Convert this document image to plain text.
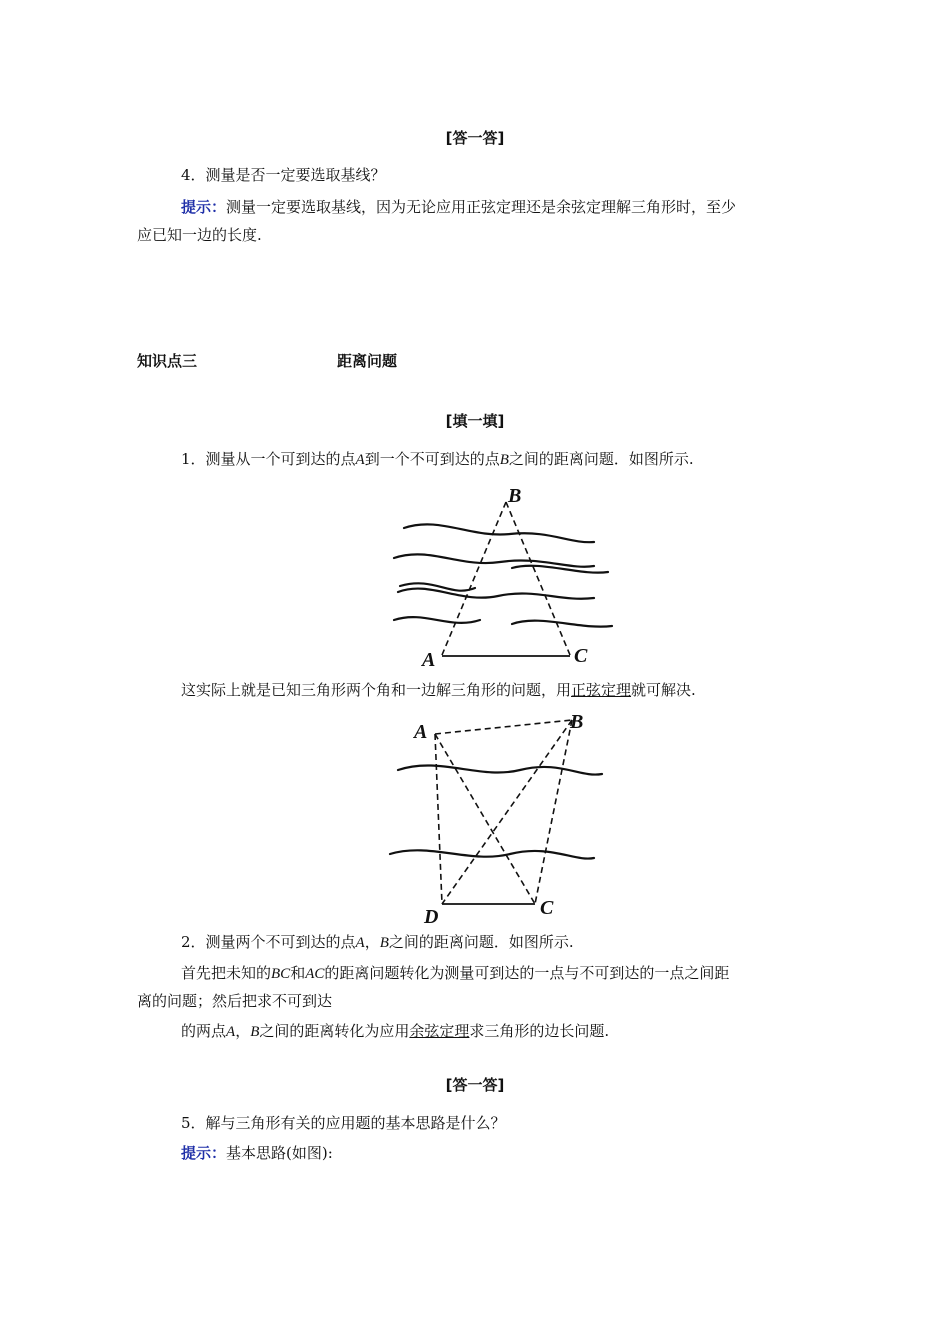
[答一答]
4．测量是否一定要选取基线？
提示：测量一定要选取基线，因为无论应用正弦定理还是余弦定理解三角形时，至少
应已知一边的长度.
知识点三	距离问题
[填一填]
1．测量从一个可到达的点A到一个不可到达的点B之间的距离问题．如图所示.
B
A	C
这实际上就是已知三角形两个角和一边解三角形的问题，用正弦定理就可解决.
A	B
D	C
2．测量两个不可到达的点A，B之间的距离问题．如图所示.
首先把未知的BC和AC的距离问题转化为测量可到达的一点与不可到达的一点之间距
离的问题；然后把求不可到达
的两点A，B之间的距离转化为应用余弦定理求三角形的边长问题.
[答一答]
5．解与三角形有关的应用题的基本思路是什么？
提示：基本思路(如图):
